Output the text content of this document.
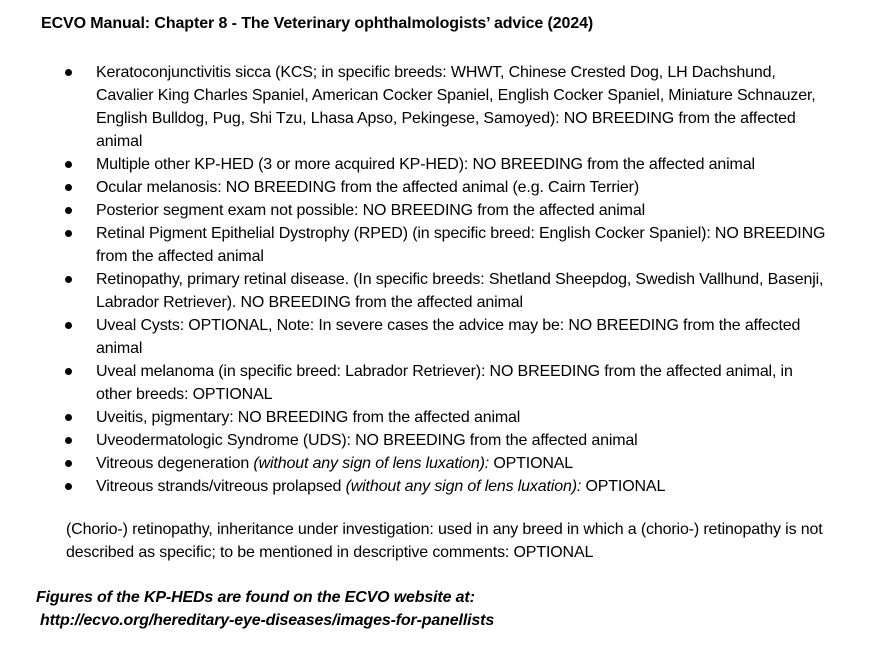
ECVO Manual: Chapter 8 - The Veterinary ophthalmologists’ advice (2024)
Keratoconjunctivitis sicca (KCS; in specific breeds: WHWT, Chinese Crested Dog, LH Dachshund, Cavalier King Charles Spaniel, American Cocker Spaniel, English Cocker Spaniel, Miniature Schnauzer, English Bulldog, Pug, Shi Tzu, Lhasa Apso, Pekingese, Samoyed): NO BREEDING from the affected animal
Multiple other KP-HED (3 or more acquired KP-HED): NO BREEDING from the affected animal
Ocular melanosis: NO BREEDING from the affected animal (e.g. Cairn Terrier)
Posterior segment exam not possible: NO BREEDING from the affected animal
Retinal Pigment Epithelial Dystrophy (RPED) (in specific breed: English Cocker Spaniel): NO BREEDING from the affected animal
Retinopathy, primary retinal disease. (In specific breeds: Shetland Sheepdog, Swedish Vallhund, Basenji, Labrador Retriever). NO BREEDING from the affected animal
Uveal Cysts: OPTIONAL, Note: In severe cases the advice may be: NO BREEDING from the affected animal
Uveal melanoma (in specific breed: Labrador Retriever): NO BREEDING from the affected animal, in other breeds: OPTIONAL
Uveitis, pigmentary: NO BREEDING from the affected animal
Uveodermatologic Syndrome (UDS): NO BREEDING from the affected animal
Vitreous degeneration (without any sign of lens luxation): OPTIONAL
Vitreous strands/vitreous prolapsed (without any sign of lens luxation): OPTIONAL
(Chorio-) retinopathy, inheritance under investigation: used in any breed in which a (chorio-) retinopathy is not described as specific; to be mentioned in descriptive comments: OPTIONAL
Figures of the KP-HEDs are found on the ECVO website at:
http://ecvo.org/hereditary-eye-diseases/images-for-panellists
